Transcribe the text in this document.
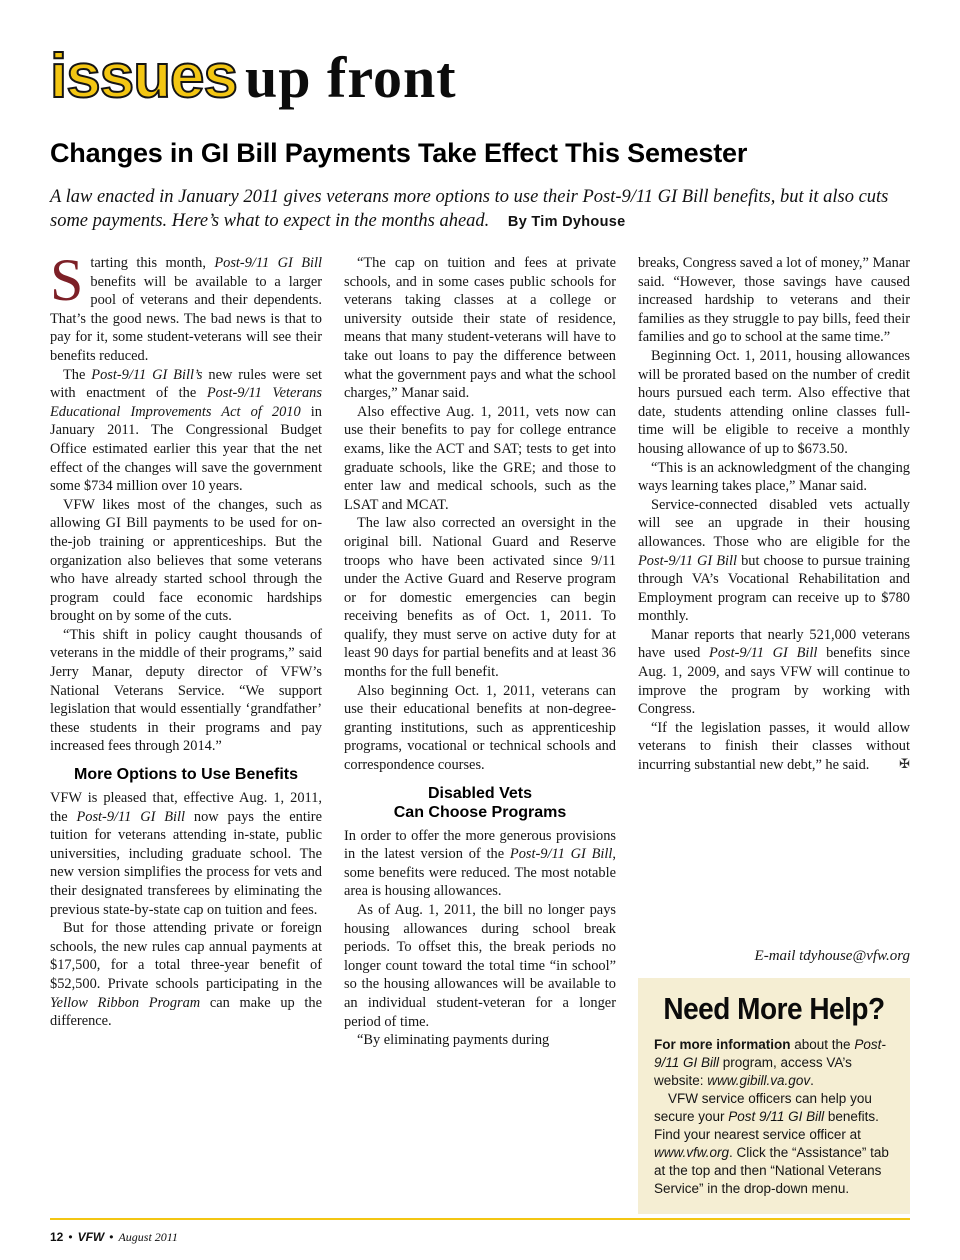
issues up front
Changes in GI Bill Payments Take Effect This Semester

A law enacted in January 2011 gives veterans more options to use their Post-9/11 GI Bill benefits, but it also cuts some payments. Here’s what to expect in the months ahead. By Tim Dyhouse

Starting this month, Post-9/11 GI Bill benefits will be available to a larger pool of veterans and their dependents. That’s the good news. The bad news is that to pay for it, some student-veterans will see their benefits reduced.

The Post-9/11 GI Bill’s new rules were set with enactment of the Post-9/11 Veterans Educational Improvements Act of 2010 in January 2011. The Congressional Budget Office estimated earlier this year that the net effect of the changes will save the government some $734 million over 10 years.

VFW likes most of the changes, such as allowing GI Bill payments to be used for on-the-job training or apprenticeships. But the organization also believes that some veterans who have already started school through the program could face economic hardships brought on by some of the cuts.

“This shift in policy caught thousands of veterans in the middle of their programs,” said Jerry Manar, deputy director of VFW’s National Veterans Service. “We support legislation that would essentially ‘grandfather’ these students in their programs and pay increased fees through 2014.”

More Options to Use Benefits

VFW is pleased that, effective Aug. 1, 2011, the Post-9/11 GI Bill now pays the entire tuition for veterans attending in-state, public universities, including graduate school. The new version simplifies the process for vets and their designated transferees by eliminating the previous state-by-state cap on tuition and fees.

But for those attending private or foreign schools, the new rules cap annual payments at $17,500, for a total three-year benefit of $52,500. Private schools participating in the Yellow Ribbon Program can make up the difference.

“The cap on tuition and fees at private schools, and in some cases public schools for veterans taking classes at a college or university outside their state of residence, means that many student-veterans will have to take out loans to pay the difference between what the government pays and what the school charges,” Manar said.

Also effective Aug. 1, 2011, vets now can use their benefits to pay for college entrance exams, like the ACT and SAT; tests to get into graduate schools, like the GRE; and those to enter law and medical schools, such as the LSAT and MCAT.

The law also corrected an oversight in the original bill. National Guard and Reserve troops who have been activated since 9/11 under the Active Guard and Reserve program or for domestic emergencies can begin receiving benefits as of Oct. 1, 2011. To qualify, they must serve on active duty for at least 90 days for partial benefits and at least 36 months for the full benefit.

Also beginning Oct. 1, 2011, veterans can use their educational benefits at non-degree-granting institutions, such as apprenticeship programs, vocational or technical schools and correspondence courses.

Disabled Vets
Can Choose Programs

In order to offer the more generous provisions in the latest version of the Post-9/11 GI Bill, some benefits were reduced. The most notable area is housing allowances.

As of Aug. 1, 2011, the bill no longer pays housing allowances during school break periods. To offset this, the break periods no longer count toward the total time “in school” so the housing allowances will be available to an individual student-veteran for a longer period of time.

“By eliminating payments during

breaks, Congress saved a lot of money,” Manar said. “However, those savings have caused increased hardship to veterans and their families as they struggle to pay bills, feed their families and go to school at the same time.”

Beginning Oct. 1, 2011, housing allowances will be prorated based on the number of credit hours pursued each term. Also effective that date, students attending online classes full-time will be eligible to receive a monthly housing allowance of up to $673.50.

“This is an acknowledgment of the changing ways learning takes place,” Manar said.

Service-connected disabled vets actually will see an upgrade in their housing allowances. Those who are eligible for the Post-9/11 GI Bill but choose to pursue training through VA’s Vocational Rehabilitation and Employment program can receive up to $780 monthly.

Manar reports that nearly 521,000 veterans have used Post-9/11 GI Bill benefits since Aug. 1, 2009, and says VFW will continue to improve the program by working with Congress.

“If the legislation passes, it would allow veterans to finish their classes without incurring substantial new debt,” he said.	✠

E-mail tdyhouse@vfw.org

Need More Help?

For more information about the Post-9/11 GI Bill program, access VA’s website: www.gibill.va.gov.

VFW service officers can help you secure your Post 9/11 GI Bill benefits. Find your nearest service officer at www.vfw.org. Click the “Assistance” tab at the top and then “National Veterans Service” in the drop-down menu.

12 • VFW • August 2011
